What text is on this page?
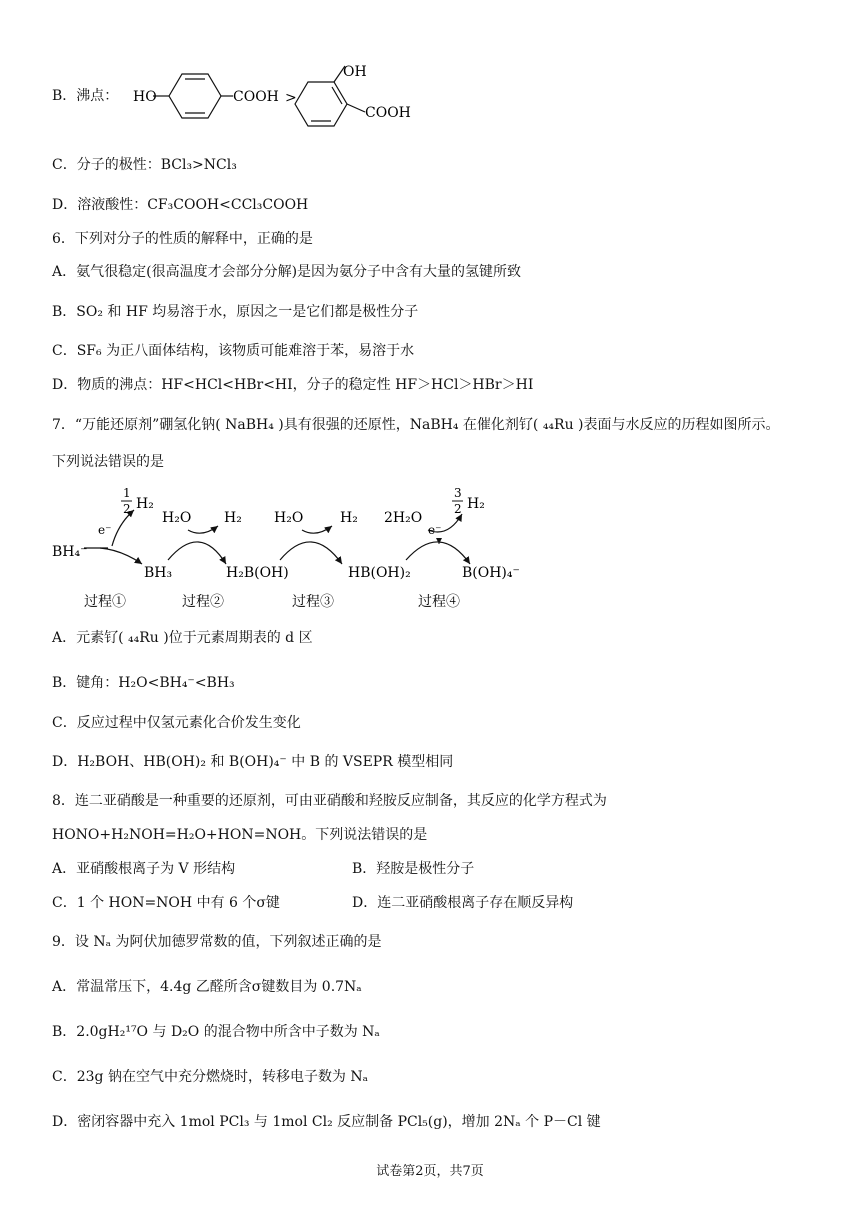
B．沸点： HO	COOH >
OH
COOH
C．分子的极性：BCl₃>NCl₃
D．溶液酸性：CF₃COOH<CCl₃COOH
6．下列对分子的性质的解释中，正确的是
A．氨气很稳定(很高温度才会部分分解)是因为氨分子中含有大量的氢键所致
B．SO₂ 和 HF 均易溶于水，原因之一是它们都是极性分子
C．SF₆ 为正八面体结构，该物质可能难溶于苯，易溶于水
D．物质的沸点：HF<HCl<HBr<HI，分子的稳定性 HF＞HCl＞HBr＞HI
7．“万能还原剂”硼氢化钠( NaBH₄ )具有很强的还原性，NaBH₄ 在催化剂钌( ₄₄Ru )表面与水反应的历程如图所示。
下列说法错误的是
BH₄⁻
e⁻
1
2 H₂
BH₃
H₂O H₂
H₂B(OH)
H₂O	H₂
HB(OH)₂
2H₂O
e⁻
3
2 H₂
B(OH)₄⁻
过程①	过程②	过程③	过程④
A．元素钌( ₄₄Ru )位于元素周期表的 d 区
B．键角：H₂O<BH₄⁻<BH₃
C．反应过程中仅氢元素化合价发生变化
D．H₂BOH、HB(OH)₂ 和 B(OH)₄⁻ 中 B 的 VSEPR 模型相同
8．连二亚硝酸是一种重要的还原剂，可由亚硝酸和羟胺反应制备，其反应的化学方程式为
HONO+H₂NOH=H₂O+HON=NOH。下列说法错误的是
A．亚硝酸根离子为 V 形结构	B．羟胺是极性分子
C．1 个 HON=NOH 中有 6 个σ键	D．连二亚硝酸根离子存在顺反异构
9．设 Nₐ 为阿伏加德罗常数的值，下列叙述正确的是
A．常温常压下，4.4g 乙醛所含σ键数目为 0.7Nₐ
B．2.0gH₂¹⁷O 与 D₂O 的混合物中所含中子数为 Nₐ
C．23g 钠在空气中充分燃烧时，转移电子数为 Nₐ
D．密闭容器中充入 1mol PCl₃ 与 1mol Cl₂ 反应制备 PCl₅(g)，增加 2Nₐ 个 P－Cl 键
试卷第2页，共7页
